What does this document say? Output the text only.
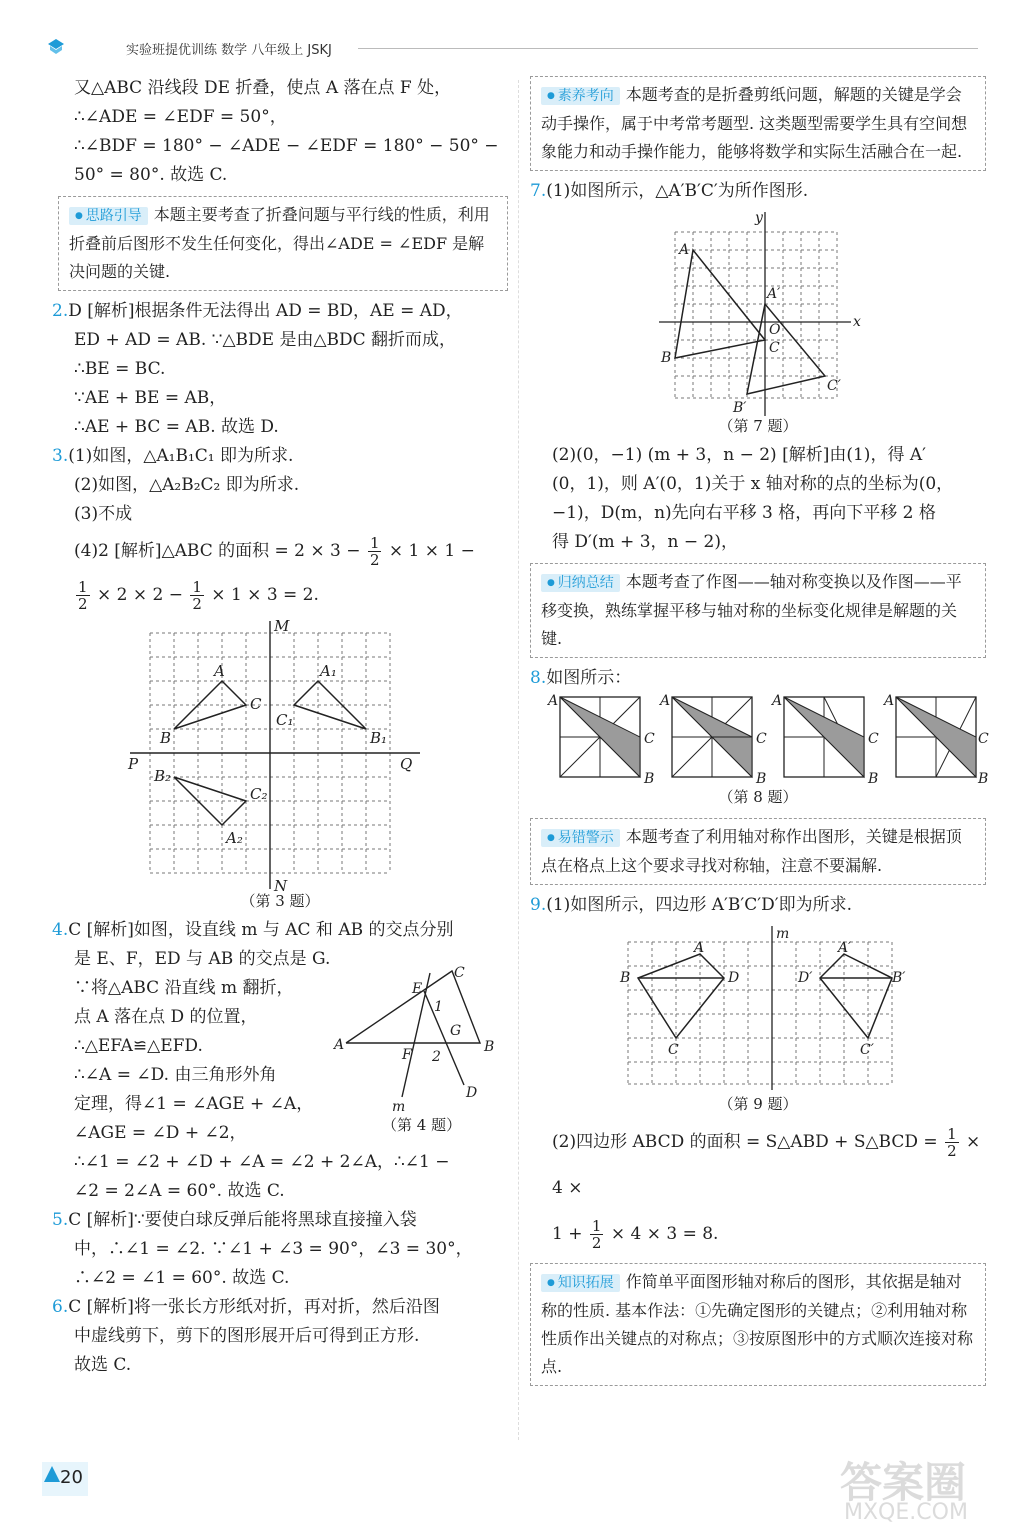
实验班提优训练 数学 八年级上 JSKJ

又△ABC 沿线段 DE 折叠，使点 A 落在点 F 处，

∴∠ADE = ∠EDF = 50°，

∴∠BDF = 180° − ∠ADE − ∠EDF = 180° − 50° −

50° = 80°. 故选 C.

● 思路引导 本题主要考查了折叠问题与平行线的性质，利用折叠前后图形不发生任何变化，得出∠ADE = ∠EDF 是解决问题的关键.

2.D [解析]根据条件无法得出 AD = BD，AE = AD，

ED + AD = AB. ∵△BDE 是由△BDC 翻折而成，

∴BE = BC.

∵AE + BE = AB，

∴AE + BC = AB. 故选 D.

3.(1)如图，△A₁B₁C₁ 即为所求.

(2)如图，△A₂B₂C₂ 即为所求.

(3)不成

(4)2 [解析]△ABC 的面积 = $2 \times 3 - \frac{1}{2} \times 1 \times 1$ −

$\frac{1}{2} \times 2 \times 2 - \frac{1}{2} \times 1 \times 3 = 2$.

M
N
P	Q
A
B
C
A₁
B₁
C₁
B₂
C₂
A₂
（第 3 题）

4.C [解析]如图，设直线 m 与 AC 和 AB 的交点分别

是 E、F，ED 与 AB 的交点是 G.

∵将△ABC 沿直线 m 翻折，

点 A 落在点 D 的位置，

∴△EFA≌△EFD.

∴∠A = ∠D. 由三角形外角

定理，得∠1 = ∠AGE + ∠A，

∠AGE = ∠D + ∠2，

A	B
C
D
E
F
G
m
1
2
（第 4 题）

∴∠1 = ∠2 + ∠D + ∠A = ∠2 + 2∠A，∴∠1 −

∠2 = 2∠A = 60°. 故选 C.

5.C [解析]∵要使白球反弹后能将黑球直接撞入袋

中，∴∠1 = ∠2. ∵∠1 + ∠3 = 90°，∠3 = 30°，

∴∠2 = ∠1 = 60°. 故选 C.

6.C [解析]将一张长方形纸对折，再对折，然后沿图

中虚线剪下，剪下的图形展开后可得到正方形.

故选 C.

● 素养考向 本题考查的是折叠剪纸问题，解题的关键是学会动手操作，属于中考常考题型. 这类题型需要学生具有空间想象能力和动手操作能力，能够将数学和实际生活融合在一起.

7.(1)如图所示，△A′B′C′为所作图形.

x
y
O
A
B
C
A′
B′
C′
（第 7 题）

(2)(0，−1) (m + 3，n − 2) [解析]由(1)，得 A′

(0，1)，则 A′(0，1)关于 x 轴对称的点的坐标为(0，

−1)，D(m，n)先向右平移 3 格，再向下平移 2 格

得 D′(m + 3，n − 2)，

● 归纳总结 本题考查了作图——轴对称变换以及作图——平移变换，熟练掌握平移与轴对称的坐标变化规律是解题的关键.

8.如图所示：

A
C
B
A
C
B
A
C
B
A
C
B
（第 8 题）
● 易错警示 本题考查了利用轴对称作出图形，关键是根据顶点在格点上这个要求寻找对称轴，注意不要漏解.

9.(1)如图所示，四边形 A′B′C′D′即为所求.

m
A
B
C
D
A′
B′
C′
D′
（第 9 题）

(2)四边形 ABCD 的面积 = S△ABD + S△BCD = $\frac{1}{2} \times 4$ ×

$1 + \frac{1}{2} \times 4 \times 3 = 8$.

● 知识拓展 作简单平面图形轴对称后的图形，其依据是轴对称的性质. 基本作法：①先确定图形的关键点；②利用轴对称性质作出关键点的对称点；③按原图形中的方式顺次连接对称点.
20	答案圈
MXQE.COM
